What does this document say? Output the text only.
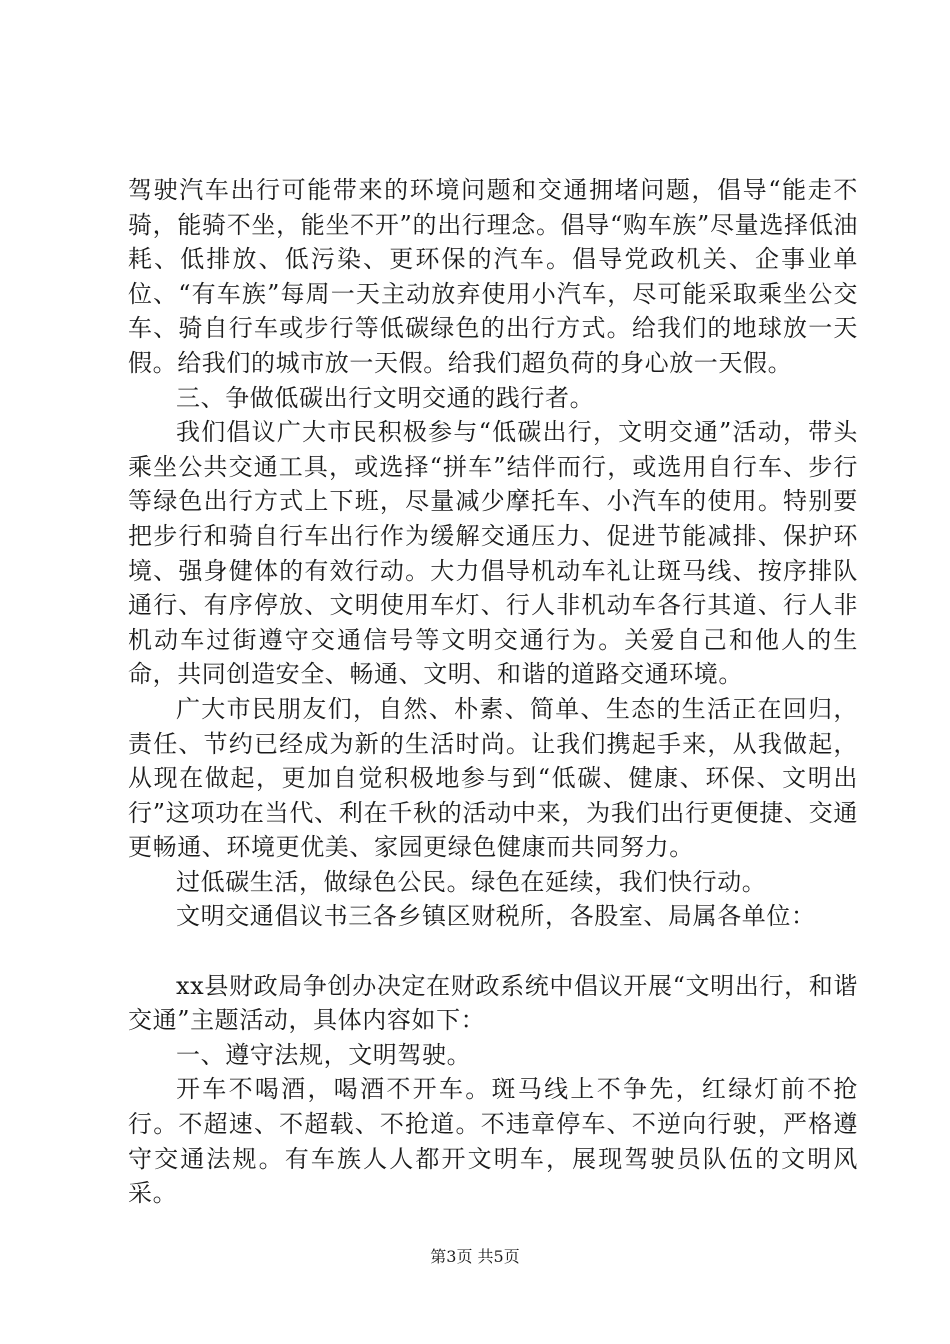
驾驶汽车出行可能带来的环境问题和交通拥堵问题，倡导“能走不骑，能骑不坐，能坐不开”的出行理念。倡导“购车族”尽量选择低油耗、低排放、低污染、更环保的汽车。倡导党政机关、企事业单位、“有车族”每周一天主动放弃使用小汽车，尽可能采取乘坐公交车、骑自行车或步行等低碳绿色的出行方式。给我们的地球放一天假。给我们的城市放一天假。给我们超负荷的身心放一天假。

三、争做低碳出行文明交通的践行者。

我们倡议广大市民积极参与“低碳出行，文明交通”活动，带头乘坐公共交通工具，或选择“拼车”结伴而行，或选用自行车、步行等绿色出行方式上下班，尽量减少摩托车、小汽车的使用。特别要把步行和骑自行车出行作为缓解交通压力、促进节能减排、保护环境、强身健体的有效行动。大力倡导机动车礼让斑马线、按序排队通行、有序停放、文明使用车灯、行人非机动车各行其道、行人非机动车过街遵守交通信号等文明交通行为。关爱自己和他人的生命，共同创造安全、畅通、文明、和谐的道路交通环境。

广大市民朋友们，自然、朴素、简单、生态的生活正在回归，责任、节约已经成为新的生活时尚。让我们携起手来，从我做起，从现在做起，更加自觉积极地参与到“低碳、健康、环保、文明出行”这项功在当代、利在千秋的活动中来，为我们出行更便捷、交通更畅通、环境更优美、家园更绿色健康而共同努力。

过低碳生活，做绿色公民。绿色在延续，我们快行动。

文明交通倡议书三各乡镇区财税所，各股室、局属各单位：

xx县财政局争创办决定在财政系统中倡议开展“文明出行，和谐交通”主题活动，具体内容如下：

一、遵守法规，文明驾驶。

开车不喝酒，喝酒不开车。斑马线上不争先，红绿灯前不抢行。不超速、不超载、不抢道。不违章停车、不逆向行驶，严格遵守交通法规。有车族人人都开文明车，展现驾驶员队伍的文明风采。

第3页 共5页
